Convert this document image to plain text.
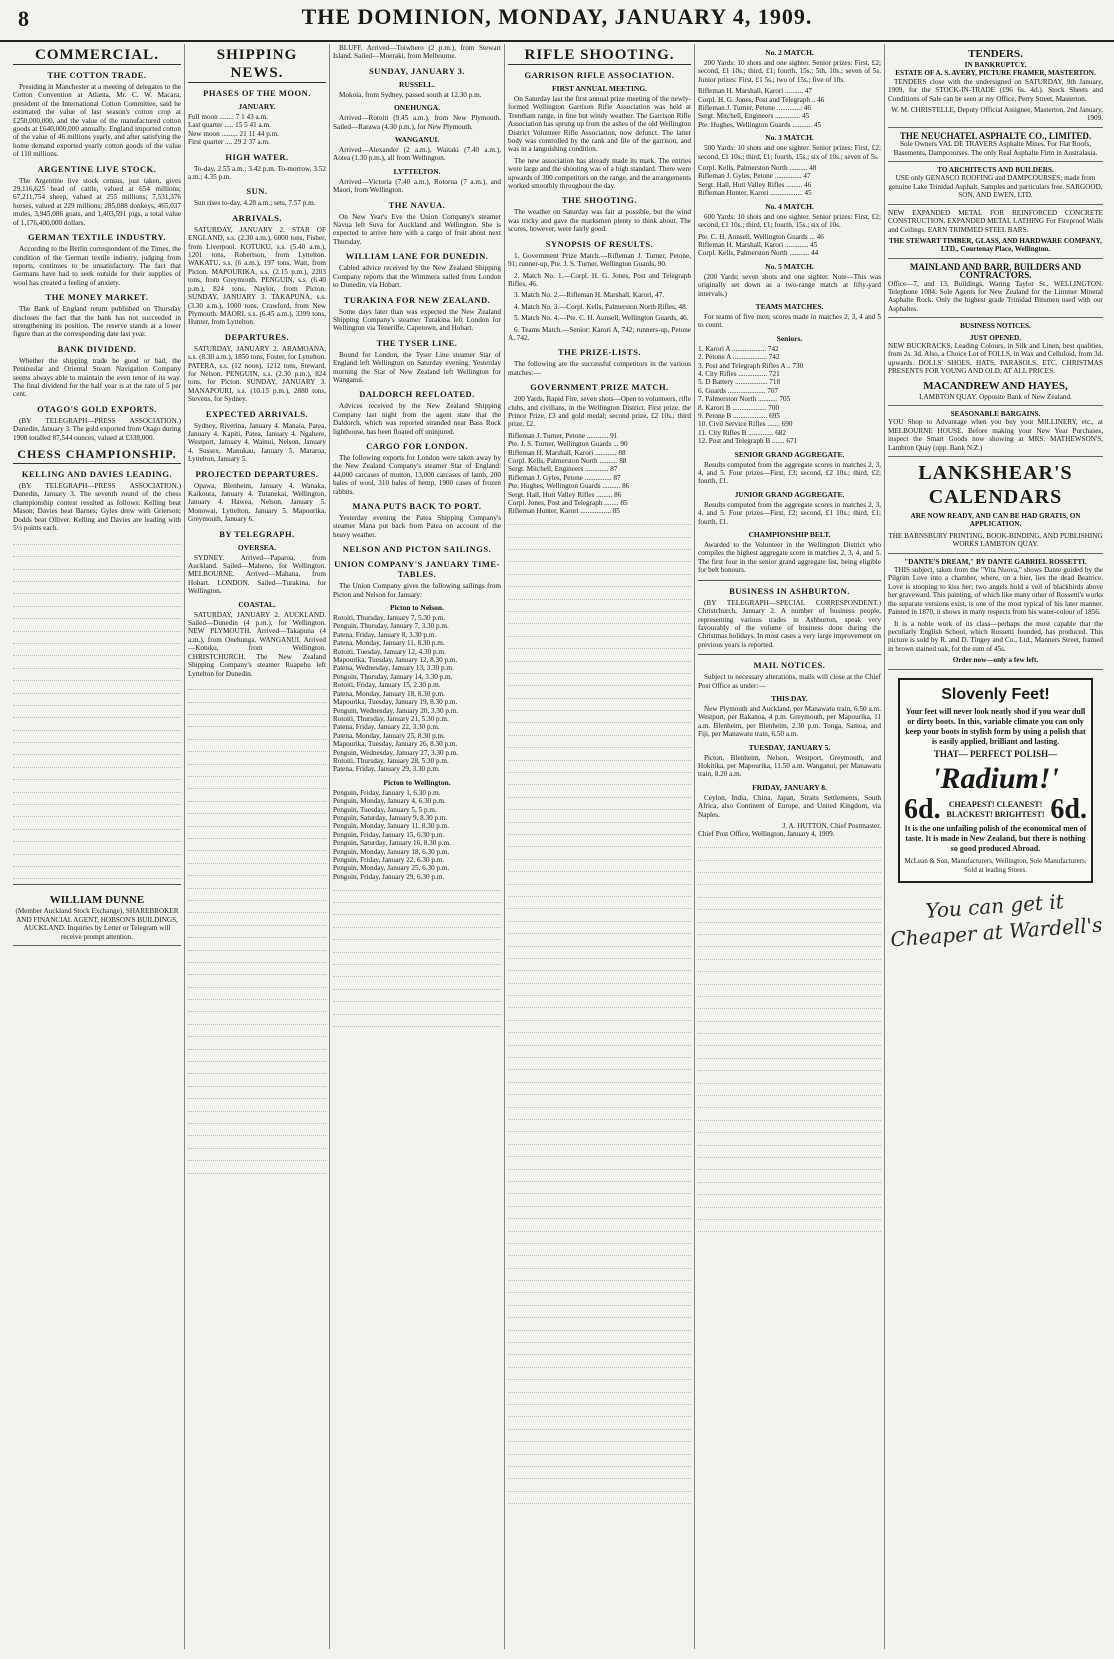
8	THE DOMINION, MONDAY, JANUARY 4, 1909.
COMMERCIAL.
THE COTTON TRADE.

Presiding in Manchester at a meeting of delegates to the Cotton Convention at Atlanta, Mr. C. W. Macara, president of the International Cotton Committee, said he estimated the value of last season's cotton crop at £250,000,000, and the value of the manufactured cotton goods at £640,000,000 annually. England imported cotton of the value of 46 millions yearly, and after satisfying the home demand exported yearly cotton goods of the value of 110 millions.

ARGENTINE LIVE STOCK.

The Argentine live stock census, just taken, gives 29,116,625 head of cattle, valued at 654 millions; 67,211,754 sheep, valued at 255 millions; 7,531,376 horses, valued at 229 millions; 285,088 donkeys, 465,037 mules, 3,945,086 goats, and 1,403,591 pigs, a total value of 1,176,400,000 dollars.

GERMAN TEXTILE INDUSTRY.

According to the Berlin correspondent of the Times, the condition of the German textile industry, judging from reports, continues to be unsatisfactory. The fact that Germans have had to seek outside for their supplies of wool has created a feeling of anxiety.

THE MONEY MARKET.

The Bank of England return published on Thursday discloses the fact that the bank has not succeeded in strengthening its position. The reserve stands at a lower figure than at the corresponding date last year.

BANK DIVIDEND.

Whether the shipping trade be good or bad, the Peninsular and Oriental Steam Navigation Company seems always able to maintain the even tenor of its way. The final dividend for the half year is at the rate of 5 per cent.

OTAGO'S GOLD EXPORTS.

(BY TELEGRAPH—PRESS ASSOCIATION.) Dunedin, January 3. The gold exported from Otago during 1908 totalled 87,544 ounces, valued at £338,000.

CHESS CHAMPIONSHIP.
KELLING AND DAVIES LEADING.

(BY TELEGRAPH—PRESS ASSOCIATION.) Dunedin, January 3. The seventh round of the chess championship contest resulted as follows: Kelling beat Mason; Davies beat Barnes; Gyles drew with Grierson; Dodds beat Olliver. Kelling and Davies are leading with 5½ points each.

WILLIAM DUNNE
(Member Auckland Stock Exchange), SHAREBROKER AND FINANCIAL AGENT, HOBSON'S BUILDINGS, AUCKLAND. Inquiries by Letter or Telegram will receive prompt attention.
SHIPPING NEWS.
PHASES OF THE MOON.
JANUARY.
Full moon ........ 7 1 43 a.m.
Last quarter ..... 15 5 41 a.m.
New moon ......... 21 11 44 p.m.
First quarter .... 29 2 37 a.m.
HIGH WATER.

To-day, 2.55 a.m.; 3.42 p.m. To-morrow, 3.52 a.m.; 4.35 p.m.

SUN.

Sun rises to-day, 4.28 a.m.; sets, 7.57 p.m.

ARRIVALS.

SATURDAY, JANUARY 2. STAR OF ENGLAND, s.s. (2.30 a.m.), 6000 tons, Fisher, from Liverpool. KOTUKU, s.s. (5.40 a.m.), 1201 tons, Robertson, from Lyttelton. WAKATU, s.s. (6 a.m.), 197 tons, Watt, from Picton. MAPOURIKA, s.s. (2.15 p.m.), 2203 tons, from Greymouth. PENGUIN, s.s. (6.40 p.m.), 824 tons, Naylor, from Picton. SUNDAY, JANUARY 3. TAKAPUNA, s.s. (3.30 a.m.), 1000 tons, Crawford, from New Plymouth. MAORI, s.s. (6.45 a.m.), 3399 tons, Hunter, from Lyttelton.

DEPARTURES.

SATURDAY, JANUARY 2. ARAMOANA, s.s. (8.30 a.m.), 1850 tons, Foster, for Lyttelton. PATERA, s.s. (12 noon), 1212 tons, Steward, for Nelson. PENGUIN, s.s. (2.30 p.m.), 824 tons, for Picton. SUNDAY, JANUARY 3. MANAPOURI, s.s. (10.15 p.m.), 2880 tons, Stevens, for Sydney.

EXPECTED ARRIVALS.

Sydney, Riverina, January 4. Manaia, Patea, January 4. Kapiti, Patea, January 4. Ngahere, Westport, January 4. Wainui, Nelson, January 4. Sussex, Manukau, January 5. Mararoa, Lyttelton, January 5.

PROJECTED DEPARTURES.

Opawa, Blenheim, January 4. Wanaka, Kaikoura, January 4. Tutanekai, Wellington, January 4. Hawea, Nelson, January 5. Monowai, Lyttelton, January 5. Mapourika, Greymouth, January 6.

BY TELEGRAPH.
OVERSEA.

SYDNEY. Arrived—Paparoa, from Auckland. Sailed—Maheno, for Wellington. MELBOURNE. Arrived—Mahana, from Hobart. LONDON. Sailed—Turakina, for Wellington.

COASTAL.

SATURDAY, JANUARY 2. AUCKLAND. Sailed—Dunedin (4 p.m.), for Wellington. NEW PLYMOUTH. Arrived—Takapuna (4 a.m.), from Onehunga. WANGANUI. Arrived—Kotuku, from Wellington. CHRISTCHURCH. The New Zealand Shipping Company's steamer Ruapehu left Lyttelton for Dunedin.

BLUFF. Arrived—Toiwhero (2 p.m.), from Stewart Island. Sailed—Moeraki, from Melbourne.

SUNDAY, JANUARY 3.
RUSSELL.

Mokoia, from Sydney, passed south at 12.30 p.m.

ONEHUNGA.

Arrived—Rotoiti (9.45 a.m.), from New Plymouth. Sailed—Rarawa (4.30 p.m.), for New Plymouth.

WANGANUI.

Arrived—Alexander (2 a.m.), Waitaki (7.40 a.m.), Aotea (1.30 p.m.), all from Wellington.

LYTTELTON.

Arrived—Victoria (7.40 a.m.), Rotorua (7 a.m.), and Maori, from Wellington.

THE NAVUA.

On New Year's Eve the Union Company's steamer Navua left Suva for Auckland and Wellington. She is expected to arrive here with a cargo of fruit about next Thursday.

WILLIAM LANE FOR DUNEDIN.

Cabled advice received by the New Zealand Shipping Company reports that the Wimmera sailed from London to Dunedin, via Hobart.

TURAKINA FOR NEW ZEALAND.

Some days later than was expected the New Zealand Shipping Company's steamer Turakina left London for Wellington via Teneriffe, Capetown, and Hobart.

THE TYSER LINE.

Bound for London, the Tyser Line steamer Star of England left Wellington on Saturday evening. Yesterday morning the Star of New Zealand left Wellington for Wanganui.

DALDORCH REFLOATED.

Advices received by the New Zealand Shipping Company last night from the agent state that the Daldorch, which was reported stranded near Bass Rock lighthouse, has been floated off uninjured.

CARGO FOR LONDON.

The following exports for London were taken away by the New Zealand Company's steamer Star of England: 44,000 carcases of mutton, 13,000 carcases of lamb, 200 bales of wool, 310 bales of hemp, 1900 cases of frozen rabbits.

MANA PUTS BACK TO PORT.

Yesterday evening the Patea Shipping Company's steamer Mana put back from Patea on account of the heavy weather.

NELSON AND PICTON SAILINGS.
UNION COMPANY'S JANUARY TIME-TABLES.

The Union Company gives the following sailings from Picton and Nelson for January:

Picton to Nelson.
Rotoiti, Thursday, January 7, 5.30 p.m.
Penguin, Thursday, January 7, 3.30 p.m.
Patena, Friday, January 8, 3.30 p.m.
Patena, Monday, January 11, 8.30 p.m.
Rotoiti, Tuesday, January 12, 4.30 p.m.
Mapourika, Tuesday, January 12, 8.30 p.m.
Patena, Wednesday, January 13, 3.30 p.m.
Penguin, Thursday, January 14, 3.30 p.m.
Rotoiti, Friday, January 15, 2.30 p.m.
Patena, Monday, January 18, 8.30 p.m.
Mapourika, Tuesday, January 19, 8.30 p.m.
Penguin, Wednesday, January 20, 3.30 p.m.
Rotoiti, Thursday, January 21, 5.30 p.m.
Patena, Friday, January 22, 3.30 p.m.
Patena, Monday, January 25, 8.30 p.m.
Mapourika, Tuesday, January 26, 8.30 p.m.
Penguin, Wednesday, January 27, 3.30 p.m.
Rotoiti, Thursday, January 28, 5.30 p.m.
Patena, Friday, January 29, 3.30 p.m.
Picton to Wellington.
Penguin, Friday, January 1, 6.30 p.m.
Penguin, Monday, January 4, 6.30 p.m.
Penguin, Tuesday, January 5, 5 p.m.
Penguin, Saturday, January 9, 8.30 p.m.
Penguin, Monday, January 11, 8.30 p.m.
Penguin, Friday, January 15, 6.30 p.m.
Penguin, Saturday, January 16, 8.30 p.m.
Penguin, Monday, January 18, 6.30 p.m.
Penguin, Friday, January 22, 6.30 p.m.
Penguin, Monday, January 25, 6.30 p.m.
Penguin, Friday, January 29, 6.30 p.m.
RIFLE SHOOTING.
GARRISON RIFLE ASSOCIATION.
FIRST ANNUAL MEETING.

On Saturday last the first annual prize meeting of the newly-formed Wellington Garrison Rifle Association was held at Trentham range, in fine but windy weather. The Garrison Rifle Association has sprung up from the ashes of the old Wellington District Volunteer Rifle Association, now defunct. The latter body was controlled by the rank and file of the garrison, and was in a languishing condition.

The new association has already made its mark. The entries were large and the shooting was of a high standard. There were upwards of 300 competitors on the range, and the arrangements worked smoothly throughout the day.

THE SHOOTING.

The weather on Saturday was fair at possible, but the wind was tricky and gave the marksmen plenty to think about. The scores, however, were fairly good.

SYNOPSIS OF RESULTS.

1. Government Prize Match.—Rifleman J. Turner, Petone, 91; runner-up, Pte. J. S. Turner, Wellington Guards, 90.

2. Match No. 1.—Corpl. H. G. Jones, Post and Telegraph Rifles, 46.

3. Match No. 2.—Rifleman H. Marshall, Karori, 47.

4. Match No. 3.—Corpl. Kells, Palmerston North Rifles, 48.

5. Match No. 4.—Pte. C. H. Aunsell, Wellington Guards, 46.

6. Teams Match.—Senior: Karori A, 742; runners-up, Petone A, 742.

THE PRIZE-LISTS.

The following are the successful competitors in the various matches:—

GOVERNMENT PRIZE MATCH.

200 Yards, Rapid Fire, seven shots—Open to volunteers, rifle clubs, and civilians, in the Wellington District. First prize, the Prince Prize, £3 and gold medal; second prize, £2 10s.; third prize, £2.

Rifleman J. Turner, Petone ............ 91
Pte. J. S. Turner, Wellington Guards ... 90
Rifleman H. Marshall, Karori ............ 88
Corpl. Kells, Palmerston North .......... 88
Sergt. Mitchell, Engineers ............. 87
Rifleman J. Gyles, Petone ............... 87
Pte. Hughes, Wellington Guards .......... 86
Sergt. Hall, Hutt Valley Rifles ......... 86
Corpl. Jones, Post and Telegraph ........ 85
Rifleman Hunter, Karori ................. 85
No. 2 MATCH.

200 Yards: 10 shots and one sighter. Senior prizes: First, £2; second, £1 10s.; third, £1; fourth, 15s.; 5th, 10s.; seven of 5s. Junior prizes: First, £1 5s.; two of 15s.; five of 10s.

Rifleman H. Marshall, Karori .......... 47
Corpl. H. G. Jones, Post and Telegraph .. 46
Rifleman J. Turner, Petone .............. 46
Sergt. Mitchell, Engineers .............. 45
Pte. Hughes, Wellington Guards ........... 45
No. 3 MATCH.

500 Yards: 10 shots and one sighter. Senior prizes: First, £2; second, £1 10s.; third, £1; fourth, 15s.; six of 10s.; seven of 5s.

Corpl. Kells, Palmerston North .......... 48
Rifleman J. Gyles, Petone ............... 47
Sergt. Hall, Hutt Valley Rifles ......... 46
Rifleman Hunter, Karori .................. 45
No. 4 MATCH.

600 Yards: 10 shots and one sighter. Senior prizes: First, £2; second, £1 10s.; third, £1; fourth, 15s.; six of 10s.

Pte. C. H. Aunsell, Wellington Guards ... 46
Rifleman H. Marshall, Karori ............. 45
Corpl. Kells, Palmerston North ........... 44
No. 5 MATCH.

(200 Yards; seven shots and one sighter. Note—This was originally set down as a two-range match at fifty-yard intervals.)

TEAMS MATCHES.

For teams of five men; scores made in matches 2, 3, 4 and 5 to count.

Seniors.
1. Karori A ................... 742
2. Petone A ................... 742
3. Post and Telegraph Rifles A .. 730
4. City Rifles ................ 721
5. D Battery .................. 718
6. Guards ..................... 707
7. Palmerston North ........... 705
8. Karori B ................... 700
9. Petone B ................... 695
10. Civil Service Rifles ....... 690
11. City Rifles B .............. 682
12. Post and Telegraph B ....... 671
SENIOR GRAND AGGREGATE.

Results computed from the aggregate scores in matches 2, 3, 4, and 5. Four prizes—First, £3; second, £2 10s.; third, £2; fourth, £1.

JUNIOR GRAND AGGREGATE.

Results computed from the aggregate scores in matches 2, 3, 4, and 5. Four prizes—First, £2; second, £1 10s.; third, £1; fourth, £1.

CHAMPIONSHIP BELT.

Awarded to the Volunteer in the Wellington District who compiles the highest aggregate score in matches 2, 3, 4, and 5. The first four in the senior grand aggregate list, being eligible for belt honours.

BUSINESS IN ASHBURTON.

(BY TELEGRAPH—SPECIAL CORRESPONDENT.) Christchurch, January 2. A number of business people, representing various trades in Ashburton, speak very favourably of the volume of business done during the Christmas holidays. In most cases a very large improvement on previous years is reported.

MAIL NOTICES.

Subject to necessary alterations, mails will close at the Chief Post Office as under:—

THIS DAY.

New Plymouth and Auckland, per Manawatu train, 6.50 a.m. Westport, per Rakanoa, 4 p.m. Greymouth, per Mapourika, 11 a.m. Blenheim, per Blenheim, 2.30 p.m. Tonga, Samoa, and Fiji, per Manawatu train, 6.50 a.m.

TUESDAY, JANUARY 5.

Picton, Blenheim, Nelson, Westport, Greymouth, and Hokitika, per Mapourika, 11.50 a.m. Wanganui, per Manawatu train, 8.20 a.m.

FRIDAY, JANUARY 8.

Ceylon, India, China, Japan, Straits Settlements, South Africa, also Continent of Europe, and United Kingdom, via Naples.

J. A. HUTTON, Chief Postmaster.
Chief Post Office, Wellington, January 4, 1909.
TENDERS.
IN BANKRUPTCY.
ESTATE OF A. S. AVERY, PICTURE FRAMER, MASTERTON.

TENDERS close with the undersigned on SATURDAY, 9th January, 1909, for the STOCK-IN-TRADE (£96 6s. 4d.). Stock Sheets and Conditions of Sale can be seen at my Office, Perry Street, Masterton.

W. M. CHRISTELLE, Deputy Official Assignee, Masterton, 2nd January, 1909.
THE NEUCHATEL ASPHALTE CO., LIMITED.
Sole Owners VAL DE TRAVERS Asphalte Mines. For Flat Roofs, Basements, Dampcourses. The only Real Asphalte Firm in Australasia.
TO ARCHITECTS AND BUILDERS.
USE only GENASCO ROOFING and DAMPCOURSES; made from genuine Lake Trinidad Asphalt. Samples and particulars free. SARGOOD, SON, AND EWEN, LTD.
NEW EXPANDED METAL FOR REINFORCED CONCRETE CONSTRUCTION. EXPANDED METAL LATHING For Fireproof Walls and Ceilings. EARN TRIMMED STEEL BARS.
THE STEWART TIMBER, GLASS, AND HARDWARE COMPANY, LTD., Courtenay Place, Wellington.
MAINLAND AND BARR, BUILDERS AND CONTRACTORS.
Office—7, and 13, Buildings, Waring Taylor St., WELLINGTON. Telephone 1084. Sole Agents for New Zealand for the Limmer Mineral Asphalte Rock. Only the highest grade Trinidad Bitumen used with our Asphaltes.
BUSINESS NOTICES.
JUST OPENED.
NEW BUCKRACKS, Leading Colours, in Silk and Linen, best qualities, from 2s. 3d. Also, a Choice Lot of FOLLS, in Wax and Celluloid, from 3d. upwards. DOLLS' SHOES, HATS, PARASOLS, ETC. CHRISTMAS PRESENTS FOR YOUNG AND OLD, AT ALL PRICES.
MACANDREW AND HAYES,
LAMBTON QUAY. Opposite Bank of New Zealand.
SEASONABLE BARGAINS.
YOU Shop to Advantage when you buy your MILLINERY, etc., at MELBOURNE HOUSE. Before making your New Year Purchases, inspect the Smart Goods now showing at MRS. MATHEWSON'S, Lambton Quay (opp. Bank N.Z.)
LANKSHEAR'S
CALENDARS
ARE NOW READY, AND CAN BE HAD GRATIS, ON APPLICATION.
THE BARNSBURY PRINTING, BOOK-BINDING, AND PUBLISHING WORKS LAMBTON QUAY.
"DANTE'S DREAM," BY DANTE GABRIEL ROSSETTI.

THIS subject, taken from the "Vita Nuova," shows Dante guided by the Pilgrim Love into a chamber, where, on a bier, lies the dead Beatrice. Love is stooping to kiss her; two angels hold a veil of blackbirds above her graveward. This painting, of which like many other of Rossetti's works the separate versions exist, is one of the most typical of his later manner. Painted in 1870, it shows in many respects from his water-colour of 1856.

It is a noble work of its class—perhaps the most capable that the peculiarly English School, which Rossetti founded, has produced. This picture is sold by R. and D. Tingey and Co., Ltd., Manners Street, framed in brown stained oak, for the sum of 45s.

Order now—only a few left.
Slovenly Feet!
Your feet will never look neatly shod if you wear dull or dirty boots. In this, variable climate you can only keep your boots in stylish form by using a polish that is easily applied, brilliant and lasting.
THAT— PERFECT POLISH—
'Radium!'
6d.	CHEAPEST! CLEANEST! BLACKEST! BRIGHTEST! 6d.
It is the one unfailing polish of the economical men of taste. It is made in New Zealand, but there is nothing so good produced Abroad.
McLean & Son, Manufacturers, Wellington, Sole Manufacturers. Sold at leading Stores.
You can get it Cheaper at Wardell's
